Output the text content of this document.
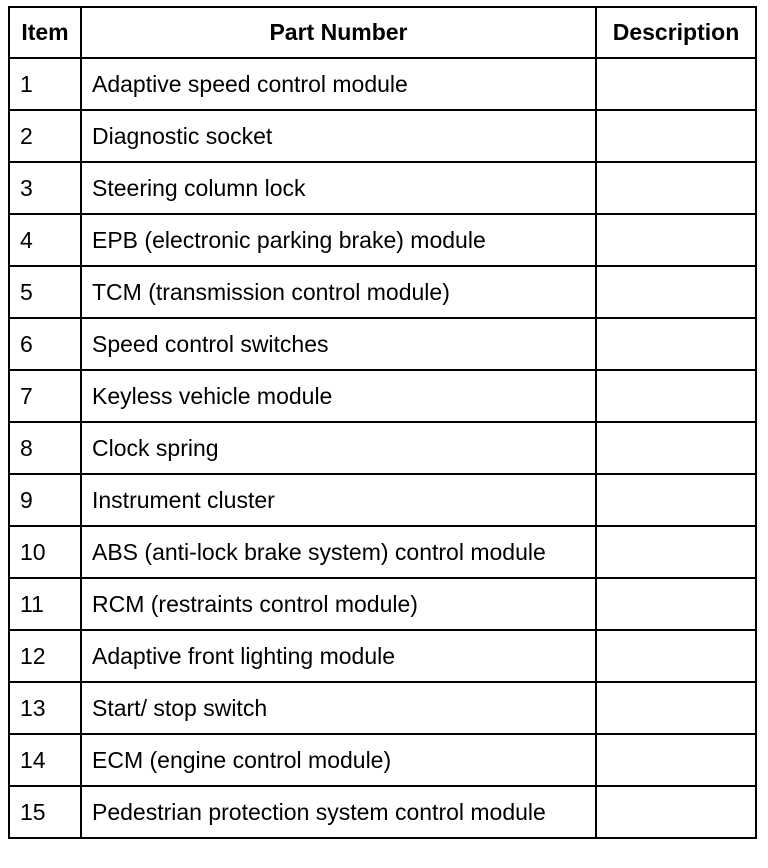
Item	Part Number	Description
1	Adaptive speed control module	
2	Diagnostic socket	
3	Steering column lock	
4	EPB (electronic parking brake) module	
5	TCM (transmission control module)	
6	Speed control switches	
7	Keyless vehicle module	
8	Clock spring	
9	Instrument cluster	
10	ABS (anti-lock brake system) control module	
11	RCM (restraints control module)	
12	Adaptive front lighting module	
13	Start/ stop switch	
14	ECM (engine control module)	
15	Pedestrian protection system control module	
